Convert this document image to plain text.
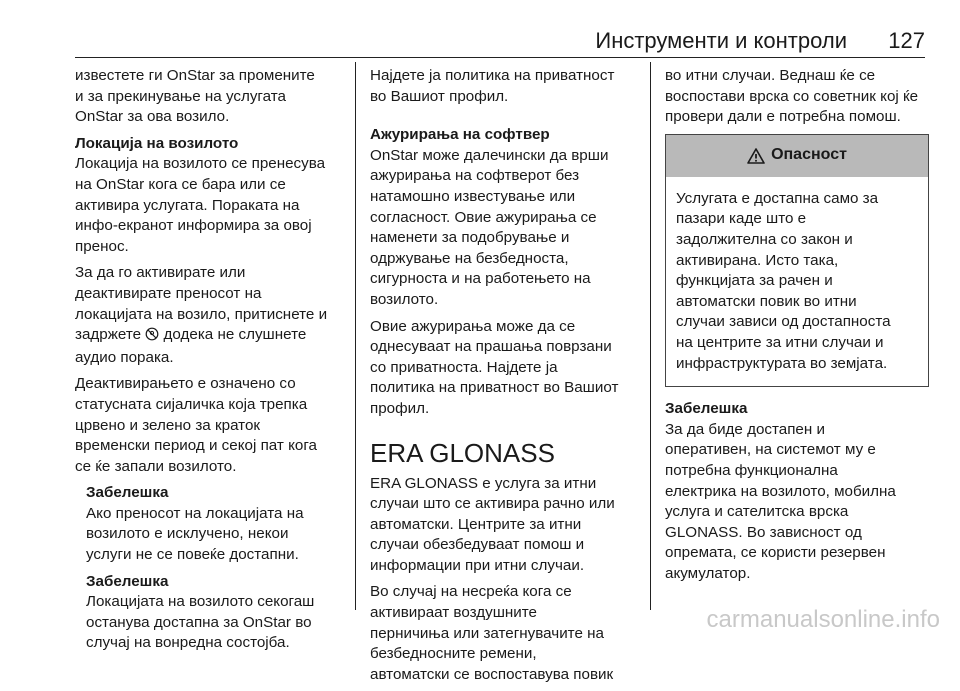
Инструменти и контроли 127
известете ги OnStar за промените
и за прекинување на услугата
OnStar за ова возило.
Локација на возилото
Локација на возилото се пренесува
на OnStar кога се бара или се
активира услугата. Пораката на
инфо-екранот информира за овој
пренос.
За да го активирате или
деактивирате преносот на
локацијата на возило, притиснете и
задржете додека не слушнете
аудио порака.
Деактивирањето е означено со
статусната сијаличка која трепка
црвено и зелено за краток
временски период и секој пат кога
се ќе запали возилото.
Забелешка
Ако преносот на локацијата на
возилото е исклучено, некои
услуги не се повеќе достапни.
Забелешка
Локацијата на возилото секогаш
останува достапна за OnStar во
случај на вонредна состојба.
Најдете ја политика на приватност
во Вашиот профил.
Ажурирања на софтвер
OnStar може далечински да врши
ажурирања на софтверот без
натамошно известување или
согласност. Овие ажурирања се
наменети за подобрување и
одржување на безбедноста,
сигурноста и на работењето на
возилото.
Овие ажурирања може да се
однесуваат на прашања поврзани
со приватноста. Најдете ја
политика на приватност во Вашиот
профил.
ERA GLONASS
ERA GLONASS е услуга за итни
случаи што се активира рачно или
автоматски. Центрите за итни
случаи обезбедуваат помош и
информации при итни случаи.
Во случај на несреќа кога се
активираат воздушните
перничиња или затегнувачите на
безбедносните ремени,
автоматски се воспоставува повик
во итни случаи. Веднаш ќе се
воспостави врска со советник кој ќе
провери дали е потребна помош.
Опасност
Услугата е достапна само за
пазари каде што е
задолжителна со закон и
активирана. Исто така,
функцијата за рачен и
автоматски повик во итни
случаи зависи од достапноста
на центрите за итни случаи и
инфраструктурата во земјата.
Забелешка
За да биде достапен и
оперативен, на системот му е
потребна функционална
електрика на возилото, мобилна
услуга и сателитска врска
GLONASS. Во зависност од
опремата, се користи резервен
акумулатор.
carmanualsonline.info
